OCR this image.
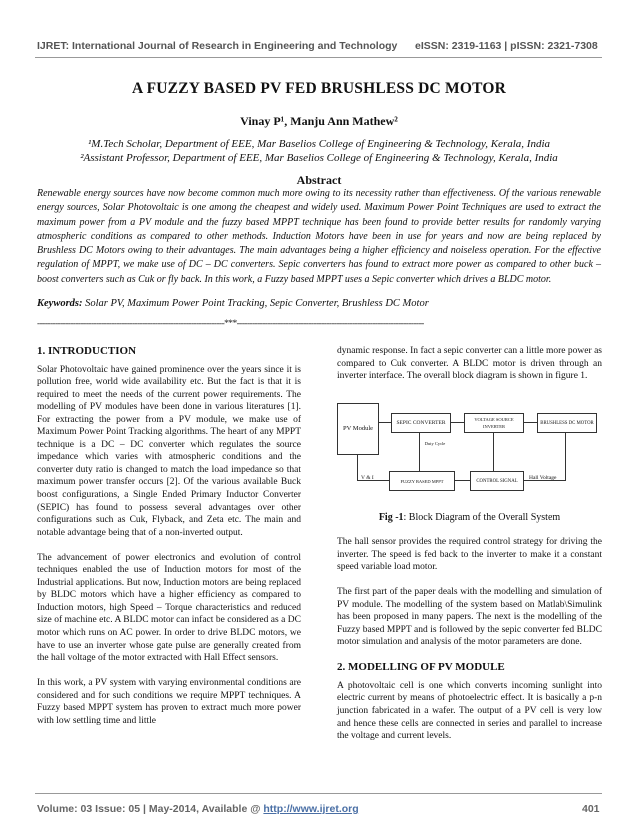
IJRET: International Journal of Research in Engineering and Technology eISSN: 2319-1163 | pISSN: 2321-7308
A FUZZY BASED PV FED BRUSHLESS DC MOTOR
Vinay P¹, Manju Ann Mathew²
¹M.Tech Scholar, Department of EEE, Mar Baselios College of Engineering & Technology, Kerala, India
²Assistant Professor, Department of EEE, Mar Baselios College of Engineering & Technology, Kerala, India
Abstract
Renewable energy sources have now become common much more owing to its necessity rather than effectiveness. Of the various renewable energy sources, Solar Photovoltaic is one among the cheapest and widely used. Maximum Power Point Techniques are used to extract the maximum power from a PV module and the fuzzy based MPPT technique has been found to provide better results for randomly varying atmospheric conditions as compared to other methods. Induction Motors have been in use for years and now are being replaced by Brushless DC Motors owing to their advantages. The main advantages being a higher efficiency and noiseless operation. For the effective regulation of MPPT, we make use of DC – DC converters. Sepic converters has found to extract more power as compared to other buck – boost converters such as Cuk or fly back. In this work, a Fuzzy based MPPT uses a Sepic converter which drives a BLDC motor.
Keywords: Solar PV, Maximum Power Point Tracking, Sepic Converter, Brushless DC Motor
-------------------------------------------------------------------------***-------------------------------------------------------------------------
1. INTRODUCTION

Solar Photovoltaic have gained prominence over the years since it is pollution free, world wide availability etc. But the fact is that it is required to meet the needs of the current power requirements. The modelling of PV modules have been done in various literatures [1]. For extracting the power from a PV module, we make use of Maximum Power Point Tracking algorithms. The heart of any MPPT technique is a DC – DC converter which regulates the source impedance which varies with atmospheric conditions and the converter duty ratio is changed to match the load impedance so that maximum power transfer occurs [2]. Of the various available Buck boost configurations, a Single Ended Primary Inductor Converter (SEPIC) has found to possess several advantages over other configurations such as Cuk, Flyback, and Zeta etc. The main and notable advantage being that of a non-inverted output.

The advancement of power electronics and evolution of control techniques enabled the use of Induction motors for most of the Industrial applications. But now, Induction motors are being replaced by BLDC motors which have a higher efficiency as compared to Induction motors, high Speed – Torque characteristics and reduced size of machine etc. A BLDC motor can infact be considered as a DC motor which runs on AC power. In order to drive BLDC motors, we have to use an inverter whose gate pulse are generally created from the hall voltage of the motor extracted with Hall Effect sensors.

In this work, a PV system with varying environmental conditions are considered and for such conditions we require MPPT techniques. A Fuzzy based MPPT system has proven to extract much more power with low settling time and little

dynamic response. In fact a sepic converter can a little more power as compared to Cuk converter. A BLDC motor is driven through an inverter interface. The overall block diagram is shown in figure 1.

PV Module
SEPIC CONVERTER	VOLTAGE SOURCE INVERTER
BRUSHLESS DC MOTOR
FUZZY BASED MPPT	CONTROL SIGNAL
Duty Cycle
V & I	Hall Voltage
Fig -1: Block Diagram of the Overall System

The hall sensor provides the required control strategy for driving the inverter. The speed is fed back to the inverter to make it a constant speed variable load motor.

The first part of the paper deals with the modelling and simulation of PV module. The modelling of the system based on Matlab\Simulink has been proposed in many papers. The next is the modelling of the Fuzzy based MPPT and is followed by the sepic converter fed BLDC motor simulation and analysis of the motor parameters are done.

2. MODELLING OF PV MODULE

A photovoltaic cell is one which converts incoming sunlight into electric current by means of photoelectric effect. It is basically a p-n junction fabricated in a wafer. The output of a PV cell is very low and hence these cells are connected in series and parallel to increase the voltage and current levels.

Volume: 03 Issue: 05 | May-2014, Available @ http://www.ijret.org	401
